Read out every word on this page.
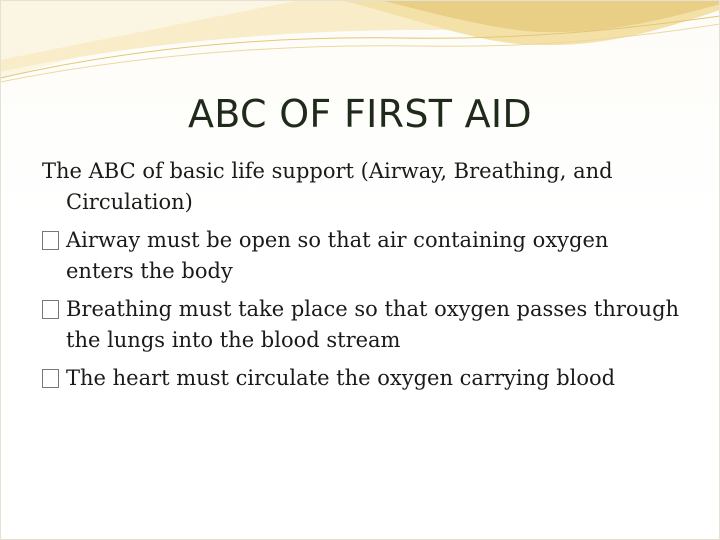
ABC OF FIRST AID

The ABC of basic life support (Airway, Breathing, and Circulation)

Airway must be open so that air containing oxygen enters the body

Breathing must take place so that oxygen passes through the lungs into the blood stream

The heart must circulate the oxygen carrying blood
